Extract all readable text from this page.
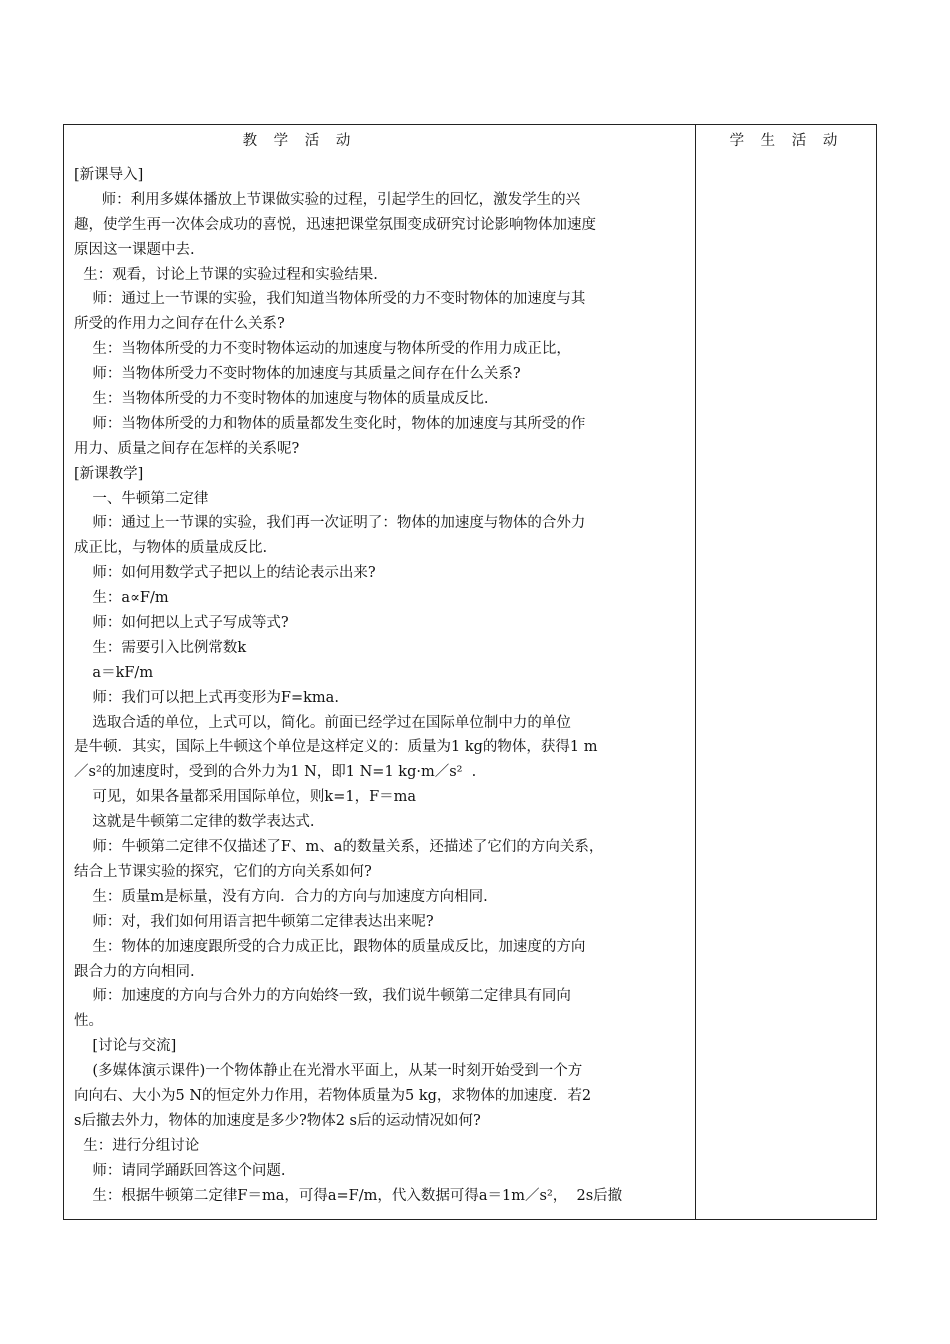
教 学 活 动	学 生 活 动
[新课导入]
师：利用多媒体播放上节课做实验的过程，引起学生的回忆，激发学生的兴
趣，使学生再一次体会成功的喜悦，迅速把课堂氛围变成研究讨论影响物体加速度
原因这一课题中去.
生：观看，讨论上节课的实验过程和实验结果.
师：通过上一节课的实验，我们知道当物体所受的力不变时物体的加速度与其
所受的作用力之间存在什么关系?
生：当物体所受的力不变时物体运动的加速度与物体所受的作用力成正比，
师：当物体所受力不变时物体的加速度与其质量之间存在什么关系?
生：当物体所受的力不变时物体的加速度与物体的质量成反比.
师：当物体所受的力和物体的质量都发生变化时，物体的加速度与其所受的作
用力、质量之间存在怎样的关系呢?
[新课教学]
一、牛顿第二定律
师：通过上一节课的实验，我们再一次证明了：物体的加速度与物体的合外力
成正比，与物体的质量成反比.
师：如何用数学式子把以上的结论表示出来?
生：a∝F/m
师：如何把以上式子写成等式?
生：需要引入比例常数k
a＝kF/m
师：我们可以把上式再变形为F=kma.
选取合适的单位，上式可以，简化。前面已经学过在国际单位制中力的单位
是牛顿．其实，国际上牛顿这个单位是这样定义的：质量为1 kg的物体，获得1 m
／s²的加速度时，受到的合外力为1 N，即1 N=1 kg·m／s²  .
可见，如果各量都采用国际单位，则k=1，F＝ma
这就是牛顿第二定律的数学表达式.
师：牛顿第二定律不仅描述了F、m、a的数量关系，还描述了它们的方向关系，
结合上节课实验的探究，它们的方向关系如何?
生：质量m是标量，没有方向．合力的方向与加速度方向相同.
师：对，我们如何用语言把牛顿第二定律表达出来呢?
生：物体的加速度跟所受的合力成正比，跟物体的质量成反比，加速度的方向
跟合力的方向相同.
师：加速度的方向与合外力的方向始终一致，我们说牛顿第二定律具有同向
性。
[讨论与交流]
(多媒体演示课件)一个物体静止在光滑水平面上，从某一时刻开始受到一个方
向向右、大小为5 N的恒定外力作用，若物体质量为5 kg，求物体的加速度．若2
s后撤去外力，物体的加速度是多少?物体2 s后的运动情况如何?
生：进行分组讨论
师：请同学踊跃回答这个问题.
生：根据牛顿第二定律F＝ma，可得a=F/m，代入数据可得a＝1m／s²，  2s后撤
